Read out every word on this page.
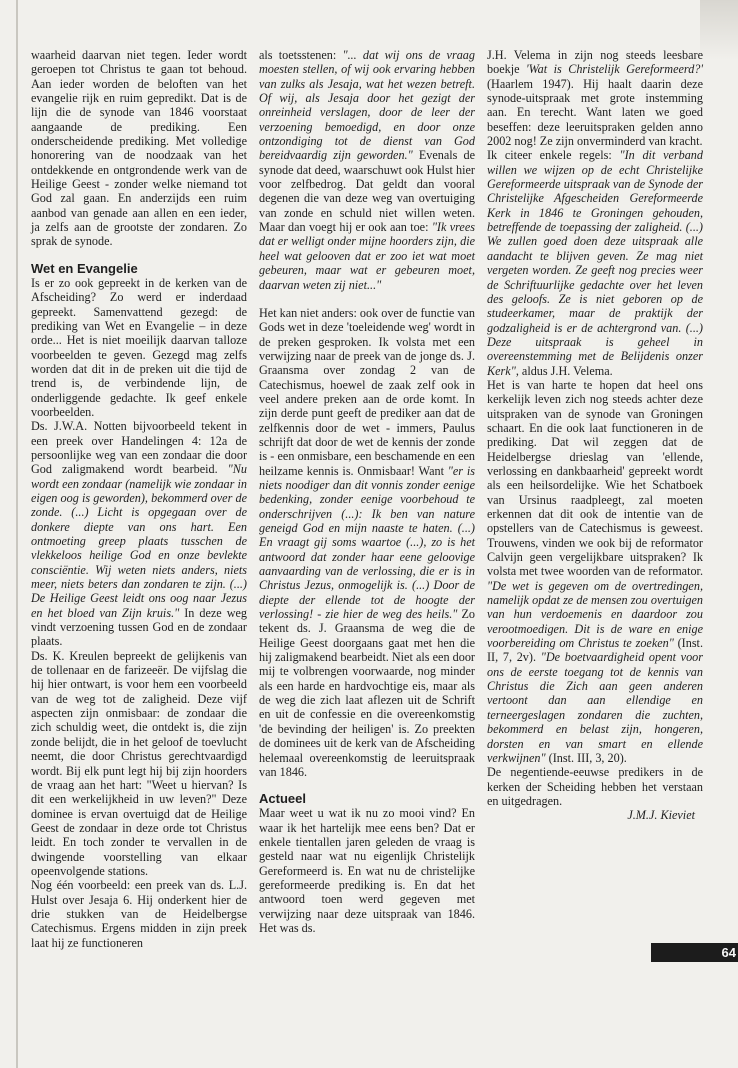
waarheid daarvan niet tegen. Ieder wordt geroepen tot Christus te gaan tot behoud. Aan ieder worden de beloften van het evangelie rijk en ruim gepredikt. Dat is de lijn die de synode van 1846 voorstaat aangaande de prediking. Een onderscheidende prediking. Met volledige honorering van de noodzaak van het ontdekkende en ontgrondende werk van de Heilige Geest - zonder welke niemand tot God zal gaan. En anderzijds een ruim aanbod van genade aan allen en een ieder, ja zelfs aan de grootste der zondaren. Zo sprak de synode.

Wet en Evangelie

Is er zo ook gepreekt in de kerken van de Afscheiding? Zo werd er inderdaad gepreekt. Samenvattend gezegd: de prediking van Wet en Evangelie – in deze orde... Het is niet moeilijk daarvan talloze voorbeelden te geven. Gezegd mag zelfs worden dat dit in de preken uit die tijd de trend is, de verbindende lijn, de onderliggende gedachte. Ik geef enkele voorbeelden.

Ds. J.W.A. Notten bijvoorbeeld tekent in een preek over Handelingen 4: 12a de persoonlijke weg van een zondaar die door God zaligmakend wordt bearbeid. "Nu wordt een zondaar (namelijk wie zondaar in eigen oog is geworden), bekommerd over de zonde. (...) Licht is opgegaan over de donkere diepte van ons hart. Een ontmoeting greep plaats tusschen de vlekkeloos heilige God en onze bevlekte consciëntie. Wij weten niets anders, niets meer, niets beters dan zondaren te zijn. (...) De Heilige Geest leidt ons oog naar Jezus en het bloed van Zijn kruis." In deze weg vindt verzoening tussen God en de zondaar plaats.

Ds. K. Kreulen bepreekt de gelijkenis van de tollenaar en de farizeeër. De vijfslag die hij hier ontwart, is voor hem een voorbeeld van de weg tot de zaligheid. Deze vijf aspecten zijn onmisbaar: de zondaar die zich schuldig weet, die ontdekt is, die zijn zonde belijdt, die in het geloof de toevlucht neemt, die door Christus gerechtvaardigd wordt. Bij elk punt legt hij bij zijn hoorders de vraag aan het hart: "Weet u hiervan? Is dit een werkelijkheid in uw leven?" Deze dominee is ervan overtuigd dat de Heilige Geest de zondaar in deze orde tot Christus leidt. En toch zonder te vervallen in de dwingende voorstelling van elkaar opeenvolgende stations.

Nog één voorbeeld: een preek van ds. L.J. Hulst over Jesaja 6. Hij onderkent hier de drie stukken van de Heidelbergse Catechismus. Ergens midden in zijn preek laat hij ze functioneren

als toetsstenen: "... dat wij ons de vraag moesten stellen, of wij ook ervaring hebben van zulks als Jesaja, wat het wezen betreft. Of wij, als Jesaja door het gezigt der onreinheid verslagen, door de leer der verzoening bemoedigd, en door onze ontzondiging tot de dienst van God bereidvaardig zijn geworden." Evenals de synode dat deed, waarschuwt ook Hulst hier voor zelfbedrog. Dat geldt dan vooral degenen die van deze weg van overtuiging van zonde en schuld niet willen weten. Maar dan voegt hij er ook aan toe: "Ik vrees dat er welligt onder mijne hoorders zijn, die heel wat gelooven dat er zoo iet wat moet gebeuren, maar wat er gebeuren moet, daarvan weten zij niet..."

Het kan niet anders: ook over de functie van Gods wet in deze 'toeleidende weg' wordt in de preken gesproken. Ik volsta met een verwijzing naar de preek van de jonge ds. J. Graansma over zondag 2 van de Catechismus, hoewel de zaak zelf ook in veel andere preken aan de orde komt. In zijn derde punt geeft de prediker aan dat de zelfkennis door de wet - immers, Paulus schrijft dat door de wet de kennis der zonde is - een onmisbare, een beschamende en een heilzame kennis is. Onmisbaar! Want "er is niets noodiger dan dit vonnis zonder eenige bedenking, zonder eenige voorbehoud te onderschrijven (...): Ik ben van nature geneigd God en mijn naaste te haten. (...) En vraagt gij soms waartoe (...), zo is het antwoord dat zonder haar eene geloovige aanvaarding van de verlossing, die er is in Christus Jezus, onmogelijk is. (...) Door de diepte der ellende tot de hoogte der verlossing! - zie hier de weg des heils." Zo tekent ds. J. Graansma de weg die de Heilige Geest doorgaans gaat met hen die hij zaligmakend bearbeidt. Niet als een door mij te volbrengen voorwaarde, nog minder als een harde en hardvochtige eis, maar als de weg die zich laat aflezen uit de Schrift en uit de confessie en die overeenkomstig 'de bevinding der heiligen' is. Zo preekten de dominees uit de kerk van de Afscheiding helemaal overeenkomstig de leeruitspraak van 1846.

Actueel

Maar weet u wat ik nu zo mooi vind? En waar ik het hartelijk mee eens ben? Dat er enkele tientallen jaren geleden de vraag is gesteld naar wat nu eigenlijk Christelijk Gereformeerd is. En wat nu de christelijke gereformeerde prediking is. En dat het antwoord toen werd gegeven met verwijzing naar deze uitspraak van 1846. Het was ds.

J.H. Velema in zijn nog steeds leesbare boekje 'Wat is Christelijk Gereformeerd?' (Haarlem 1947). Hij haalt daarin deze synode-uitspraak met grote instemming aan. En terecht. Want laten we goed beseffen: deze leeruitspraken gelden anno 2002 nog! Ze zijn onverminderd van kracht.

Ik citeer enkele regels: "In dit verband willen we wijzen op de echt Christelijke Gereformeerde uitspraak van de Synode der Christelijke Afgescheiden Gereformeerde Kerk in 1846 te Groningen gehouden, betreffende de toepassing der zaligheid. (...) We zullen goed doen deze uitspraak alle aandacht te blijven geven. Ze mag niet vergeten worden. Ze geeft nog precies weer de Schriftuurlijke gedachte over het leven des geloofs. Ze is niet geboren op de studeerkamer, maar de praktijk der godzaligheid is er de achtergrond van. (...) Deze uitspraak is geheel in overeenstemming met de Belijdenis onzer Kerk", aldus J.H. Velema.

Het is van harte te hopen dat heel ons kerkelijk leven zich nog steeds achter deze uitspraken van de synode van Groningen schaart. En die ook laat functioneren in de prediking. Dat wil zeggen dat de Heidelbergse drieslag van 'ellende, verlossing en dankbaarheid' gepreekt wordt als een heilsordelijke. Wie het Schatboek van Ursinus raadpleegt, zal moeten erkennen dat dit ook de intentie van de opstellers van de Catechismus is geweest. Trouwens, vinden we ook bij de reformator Calvijn geen vergelijkbare uitspraken? Ik volsta met twee woorden van de reformator. "De wet is gegeven om de overtredingen, namelijk opdat ze de mensen zou overtuigen van hun verdoemenis en daardoor zou verootmoedigen. Dit is de ware en enige voorbereiding om Christus te zoeken" (Inst. II, 7, 2v). "De boetvaardigheid opent voor ons de eerste toegang tot de kennis van Christus die Zich aan geen anderen vertoont dan aan ellendige en terneergeslagen zondaren die zuchten, bekommerd en belast zijn, hongeren, dorsten en van smart en ellende verkwijnen" (Inst. III, 3, 20).

De negentiende-eeuwse predikers in de kerken der Scheiding hebben het verstaan en uitgedragen.

J.M.J. Kieviet

64
